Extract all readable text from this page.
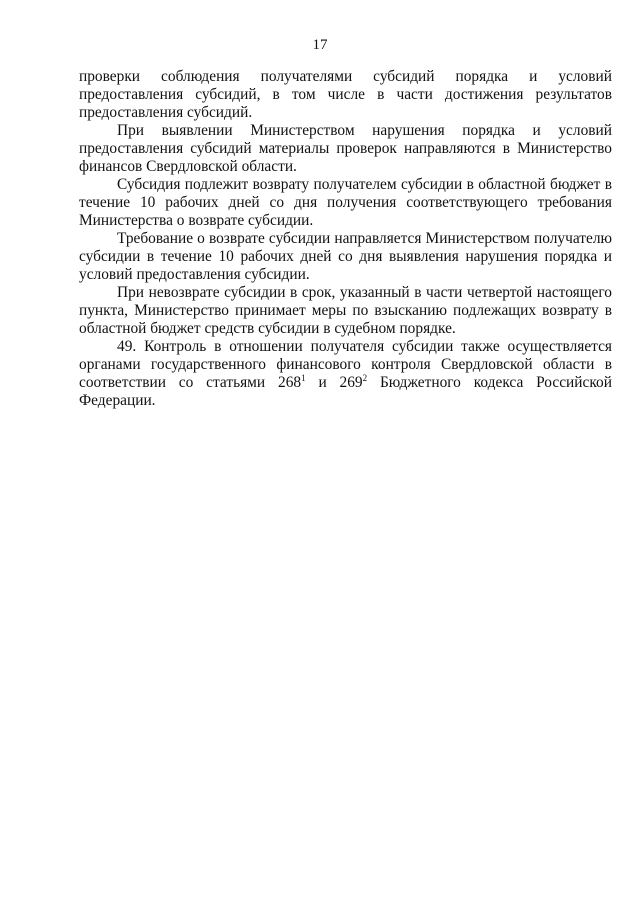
17

проверки соблюдения получателями субсидий порядка и условий предоставления субсидий, в том числе в части достижения результатов предоставления субсидий.

При выявлении Министерством нарушения порядка и условий предоставления субсидий материалы проверок направляются в Министерство финансов Свердловской области.

Субсидия подлежит возврату получателем субсидии в областной бюджет в течение 10 рабочих дней со дня получения соответствующего требования Министерства о возврате субсидии.

Требование о возврате субсидии направляется Министерством получателю субсидии в течение 10 рабочих дней со дня выявления нарушения порядка и условий предоставления субсидии.

При невозврате субсидии в срок, указанный в части четвертой настоящего пункта, Министерство принимает меры по взысканию подлежащих возврату в областной бюджет средств субсидии в судебном порядке.

49. Контроль в отношении получателя субсидии также осуществляется органами государственного финансового контроля Свердловской области в соответствии со статьями $268^1$ и $269^2$ Бюджетного кодекса Российской Федерации.
